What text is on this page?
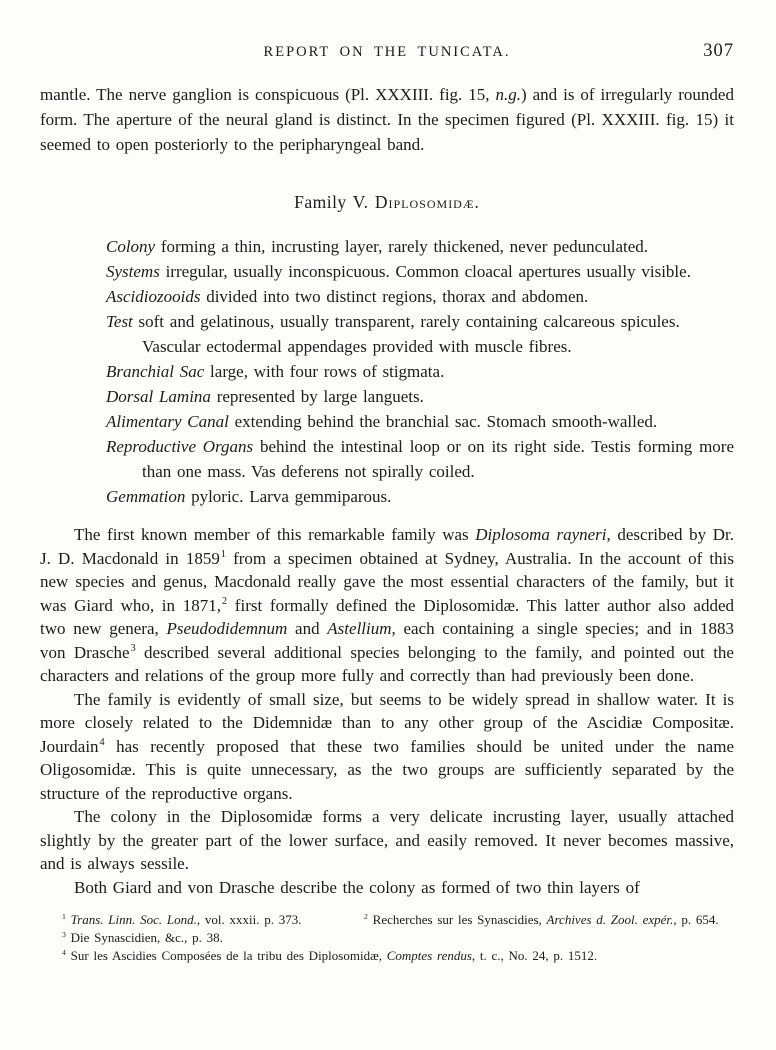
REPORT ON THE TUNICATA.	307

mantle. The nerve ganglion is conspicuous (Pl. XXXIII. fig. 15, n.g.) and is of irregularly rounded form. The aperture of the neural gland is distinct. In the specimen figured (Pl. XXXIII. fig. 15) it seemed to open posteriorly to the peripharyngeal band.

Family V. Diplosomidæ.
Colony forming a thin, incrusting layer, rarely thickened, never pedunculated.
Systems irregular, usually inconspicuous. Common cloacal apertures usually visible.
Ascidiozooids divided into two distinct regions, thorax and abdomen.
Test soft and gelatinous, usually transparent, rarely containing calcareous spicules.
Vascular ectodermal appendages provided with muscle fibres.
Branchial Sac large, with four rows of stigmata.
Dorsal Lamina represented by large languets.
Alimentary Canal extending behind the branchial sac. Stomach smooth-walled.
Reproductive Organs behind the intestinal loop or on its right side. Testis forming more than one mass. Vas deferens not spirally coiled.
Gemmation pyloric. Larva gemmiparous.

The first known member of this remarkable family was Diplosoma rayneri, described by Dr. J. D. Macdonald in 1859$^1$ from a specimen obtained at Sydney, Australia. In the account of this new species and genus, Macdonald really gave the most essential characters of the family, but it was Giard who, in 1871,$^2$ first formally defined the Diplosomidæ. This latter author also added two new genera, Pseudodidemnum and Astellium, each containing a single species; and in 1883 von Drasche$^3$ described several additional species belonging to the family, and pointed out the characters and relations of the group more fully and correctly than had previously been done.

The family is evidently of small size, but seems to be widely spread in shallow water. It is more closely related to the Didemnidæ than to any other group of the Ascidiæ Compositæ. Jourdain$^4$ has recently proposed that these two families should be united under the name Oligosomidæ. This is quite unnecessary, as the two groups are sufficiently separated by the structure of the reproductive organs.

The colony in the Diplosomidæ forms a very delicate incrusting layer, usually attached slightly by the greater part of the lower surface, and easily removed. It never becomes massive, and is always sessile.

Both Giard and von Drasche describe the colony as formed of two thin layers of

$^1$ Trans. Linn. Soc. Lond., vol. xxxii. p. 373.	$^2$ Recherches sur les Synascidies, Archives d. Zool. expér., p. 654.
$^3$ Die Synascidien, &c., p. 38.
$^4$ Sur les Ascidies Composées de la tribu des Diplosomidæ, Comptes rendus, t. c., No. 24, p. 1512.
